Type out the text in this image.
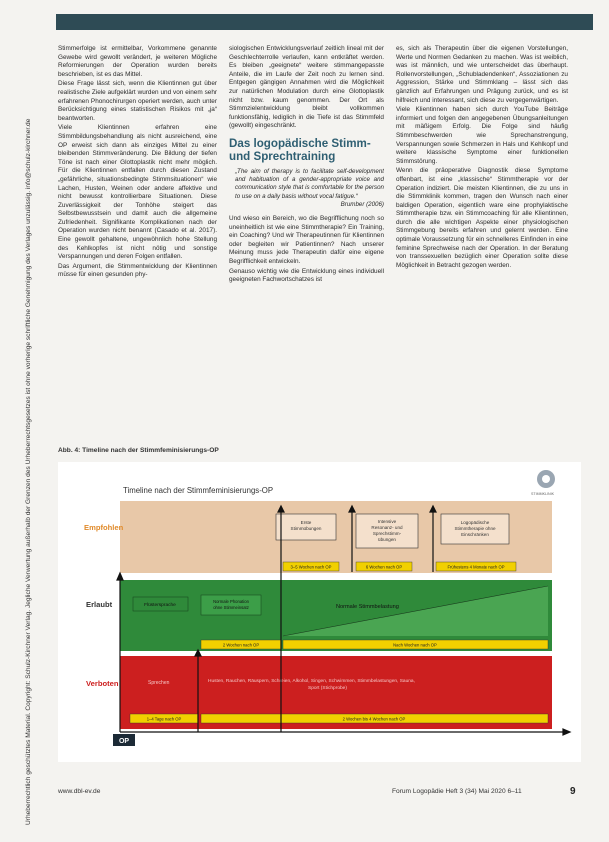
Urheberrechtlich geschütztes Material. Copyright: Schulz-Kirchner Verlag. Jegliche Verwertung außerhalb der Grenzen des Urheberrechtsgesetzes ist ohne vorherige schriftliche Genehmigung des Verlages unzulässig. info@schulz-kirchner.de

Stimmerfolge ist ermittelbar, Vorkommene genannte Gewebe wird gewollt verändert, je weiteren Mögliche Reformierungen der Operation wurden bereits beschrieben, ist es das Mittel.

Diese Frage lässt sich, wenn die Klientinnen gut über realistische Ziele aufgeklärt wurden und von einem sehr erfahrenen Phonochirurgen operiert werden, auch unter Berücksichtigung eines statistischen Risikos mit „ja“ beantworten.

Viele Klientinnen erfahren eine Stimmbildungsbehandlung als nicht ausreichend, eine OP erweist sich dann als einziges Mittel zu einer bleibenden Stimmveränderung. Die Bildung der tiefen Töne ist nach einer Glottoplastik nicht mehr möglich. Für die Klientinnen entfallen durch diesen Zustand „gefährliche, situationsbedingte Stimmsituationen“ wie Lachen, Husten, Weinen oder andere affektive und nicht bewusst kontrollierbare Situationen. Diese Zuverlässigkeit der Tonhöhe steigert das Selbstbewusstsein und damit auch die allgemeine Zufriedenheit. Signifikante Komplikationen nach der Operation wurden nicht benannt (Casado et al. 2017). Eine gewollt gehaltene, ungewöhnlich hohe Stellung des Kehlkopfes ist nicht nötig und sonstige Verspannungen und deren Folgen entfallen.

Das Argument, die Stimmentwicklung der Klientinnen müsse für einen gesunden phy-

siologischen Entwicklungsverlauf zeitlich lineal mit der Geschlechterrolle verlaufen, kann entkräftet werden. Es bleiben „geeignete“ weitere stimmangepasste Anteile, die im Laufe der Zeit noch zu lernen sind. Entgegen gängigen Annahmen wird die Möglichkeit zur natürlichen Modulation durch eine Glottoplastik nicht bzw. kaum genommen. Der Ort als Stimmzielentwicklung bleibt vollkommen funktionsfähig, lediglich in die Tiefe ist das Stimmfeld (gewollt) eingeschränkt.

Das logopädische Stimm- und Sprechtraining
„The aim of therapy is to facilitate self-development and habituation of a gender-appropriate voice and communication style that is comfortable for the person to use on a daily basis without vocal fatigue.“
Brumber (2006)

Und wieso ein Bereich, wo die Begrifflichung noch so uneinheitlich ist wie eine Stimmtherapie? Ein Training, ein Coaching? Und wir Therapeutinnen für Klientinnen oder begleiten wir Patientinnen? Nach unserer Meinung muss jede Therapeutin dafür eine eigene Begrifflichkeit entwickeln.

Genauso wichtig wie die Entwicklung eines individuell geeigneten Fachwortschatzes ist

es, sich als Therapeutin über die eigenen Vorstellungen, Werte und Normen Gedanken zu machen. Was ist weiblich, was ist männlich, und wie unterscheidet das überhaupt. Rollenvorstellungen, „Schubladendenken“, Assoziationen zu Aggression, Stärke und Stimmklang – lässt sich das gänzlich auf Erfahrungen und Prägung zurück, und es ist hilfreich und interessant, sich diese zu vergegenwärtigen.

Viele Klientinnen haben sich durch YouTube Beiträge informiert und folgen den angegebenen Übungsanleitungen mit mäßigem Erfolg. Die Folge sind häufig Stimmbeschwerden wie Sprechanstrengung, Verspannungen sowie Schmerzen in Hals und Kehlkopf und weitere klassische Symptome einer funktionellen Stimmstörung.

Wenn die präoperative Diagnostik diese Symptome offenbart, ist eine „klassische“ Stimmtherapie vor der Operation indiziert. Die meisten Klientinnen, die zu uns in die Stimmklinik kommen, tragen den Wunsch nach einer baldigen Operation, eigentlich ware eine prophylaktische Stimmtherapie bzw. ein Stimmcoaching für alle Klientinnen, durch die alle wichtigen Aspekte einer physiologischen Stimmgebung bereits erfahren und gelernt werden. Eine optimale Voraussetzung für ein schnelleres Einfinden in eine feminine Sprechweise nach der Operation. In der Beratung von transsexuellen bezüglich einer Operation sollte diese Möglichkeit in Betracht gezogen werden.

Abb. 4: Timeline nach der Stimmfeminisierungs-OP
Timeline nach der Stimmfeminisierungs-OP	STIMMKLINIK
Empfohlen
Erlaubt
Verboten
Erste Stimmübungen
Intensive Resonanz- und Sprechstimm-übungen
Logopädische Stimmtherapie ohne Einschränken
3–5 Wochen nach OP	6 Wochen nach OP	Frühestens 4 Monate nach OP
Flüstersprache
Normale Phonation ohne Stimmeinsatz	Normale Stimmbelastung
2 Wochen nach OP	Nach Wochen nach OP
Sprechen	Husten, Rauchen, Räuspern, Schreien, Alkohol, Singen, Schwimmen, Stimmbelastungen, Sauna, Sport (Stichprobe)
1–4 Tage nach OP	2 Wochen bis 4 Wochen nach OP
OP
www.dbl-ev.de	Forum Logopädie Heft 3 (34) Mai 2020 6–11	9
